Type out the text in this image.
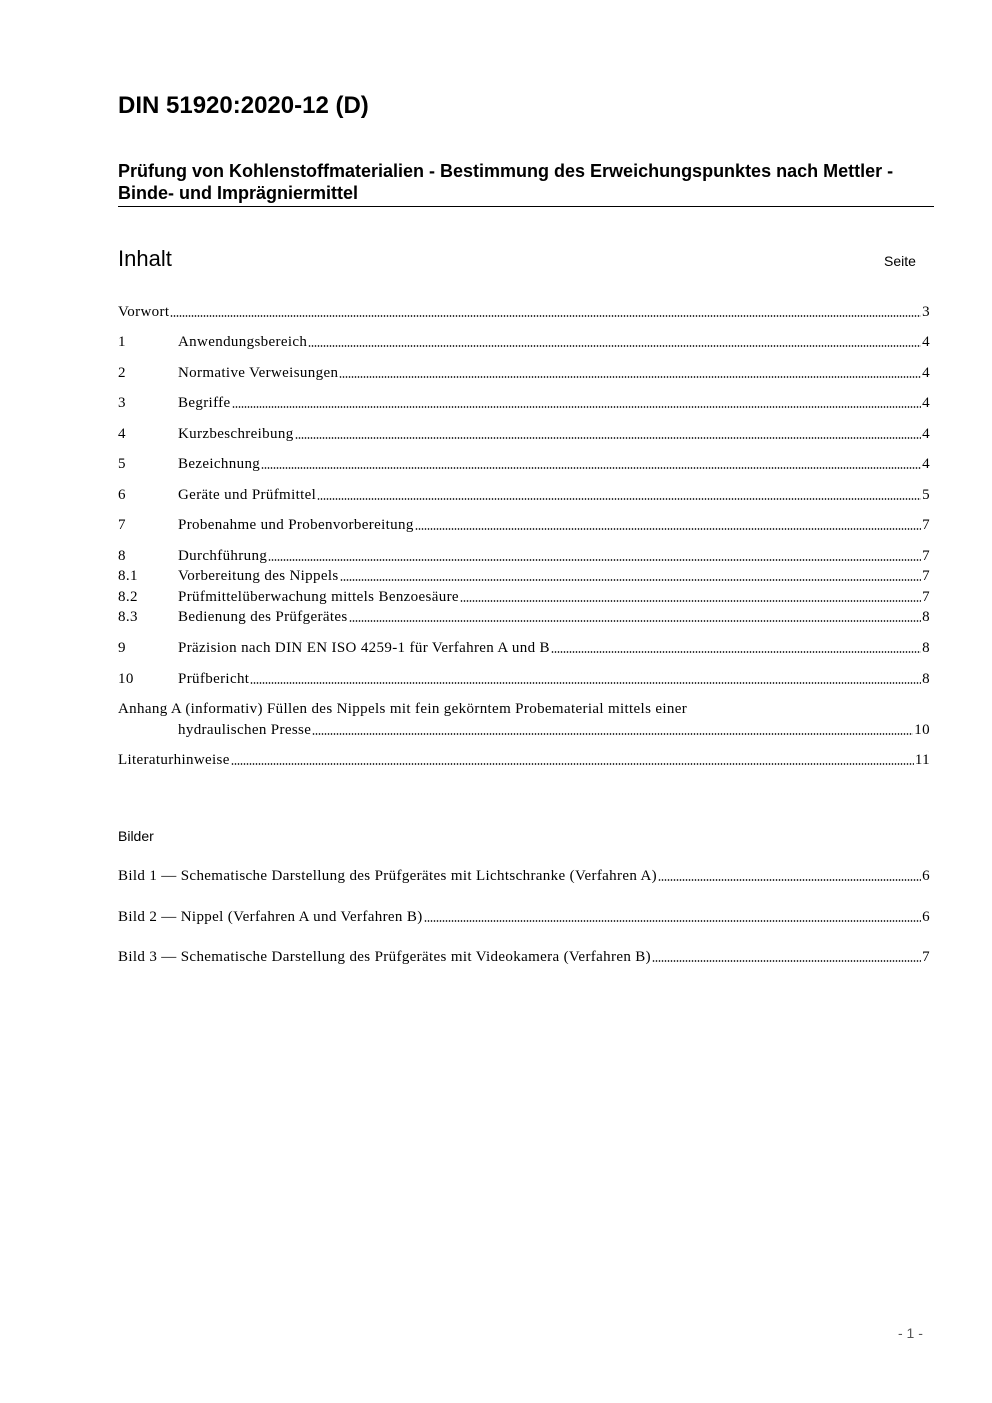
DIN 51920:2020-12 (D)
Prüfung von Kohlenstoffmaterialien - Bestimmung des Erweichungspunktes nach Mettler - Binde- und Imprägniermittel
Inhalt	Seite
Vorwort	3
1	Anwendungsbereich	4
2	Normative Verweisungen	4
3	Begriffe	4
4	Kurzbeschreibung	4
5	Bezeichnung	4
6	Geräte und Prüfmittel	5
7	Probenahme und Probenvorbereitung	7
8	Durchführung	7
8.1	Vorbereitung des Nippels	7
8.2	Prüfmittelüberwachung mittels Benzoesäure	7
8.3	Bedienung des Prüfgerätes	8
9	Präzision nach DIN EN ISO 4259-1 für Verfahren A und B	8
10	Prüfbericht	8
Anhang A (informativ) Füllen des Nippels mit fein gekörntem Probematerial mittels einer
hydraulischen Presse	10
Literaturhinweise	11
Bilder
Bild 1 — Schematische Darstellung des Prüfgerätes mit Lichtschranke (Verfahren A)	6
Bild 2 — Nippel (Verfahren A und Verfahren B)	6
Bild 3 — Schematische Darstellung des Prüfgerätes mit Videokamera (Verfahren B)	7
- 1 -
